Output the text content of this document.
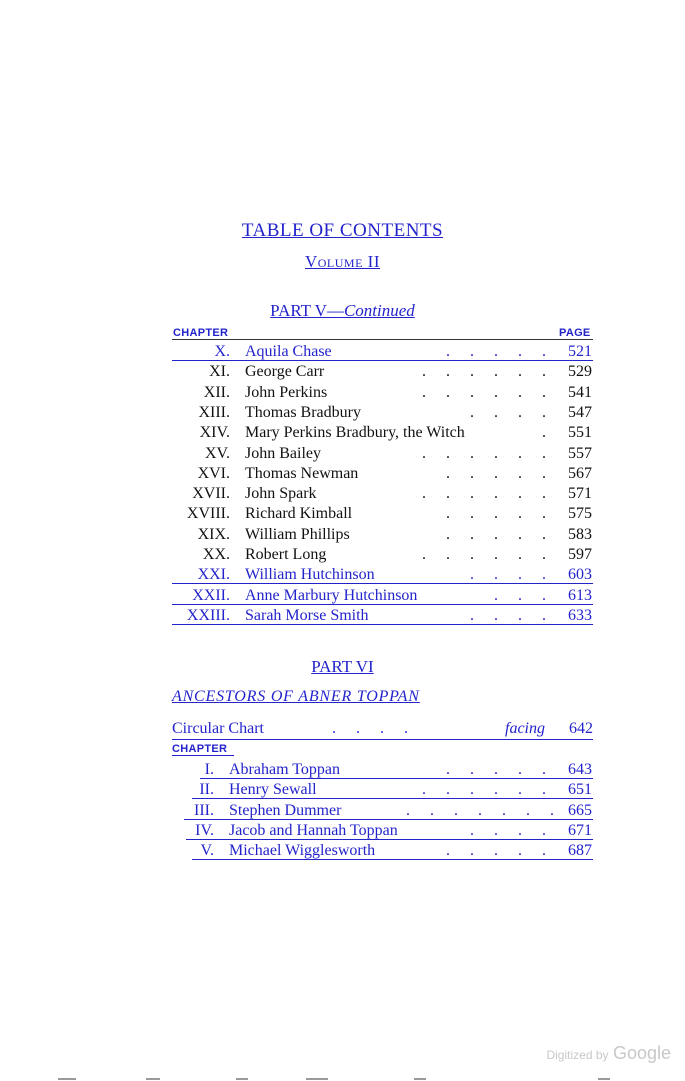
TABLE OF CONTENTS
Volume II
PART V—Continued
CHAPTER	PAGE
X. Aquila Chase	.     .     .     .     . 521
XI. George Carr	.     .     .     .     .     . 529
XII. John Perkins	.     .     .     .     .     . 541
XIII. Thomas Bradbury	.     .     .     . 547
XIV. Mary Perkins Bradbury, the Witch	. 551
XV. John Bailey	.     .     .     .     .     . 557
XVI. Thomas Newman	.     .     .     .     . 567
XVII. John Spark	.     .     .     .     .     . 571
XVIII. Richard Kimball	.     .     .     .     . 575
XIX. William Phillips	.     .     .     .     . 583
XX. Robert Long	.     .     .     .     .     . 597
XXI. William Hutchinson	.     .     .     . 603
XXII. Anne Marbury Hutchinson	.     .     . 613
XXIII. Sarah Morse Smith	.     .     .     . 633
PART VI
ANCESTORS OF ABNER TOPPAN
Circular Chart	.     .     .     .	facing 642
CHAPTER
I. Abraham Toppan	.     .     .     .     . 643
II. Henry Sewall	.     .     .     .     .     . 651
III. Stephen Dummer	.     .     .     .     .     .     . 665
IV. Jacob and Hannah Toppan	.     .     .     . 671
V. Michael Wigglesworth	.     .     .     .     . 687
Digitized by Google
